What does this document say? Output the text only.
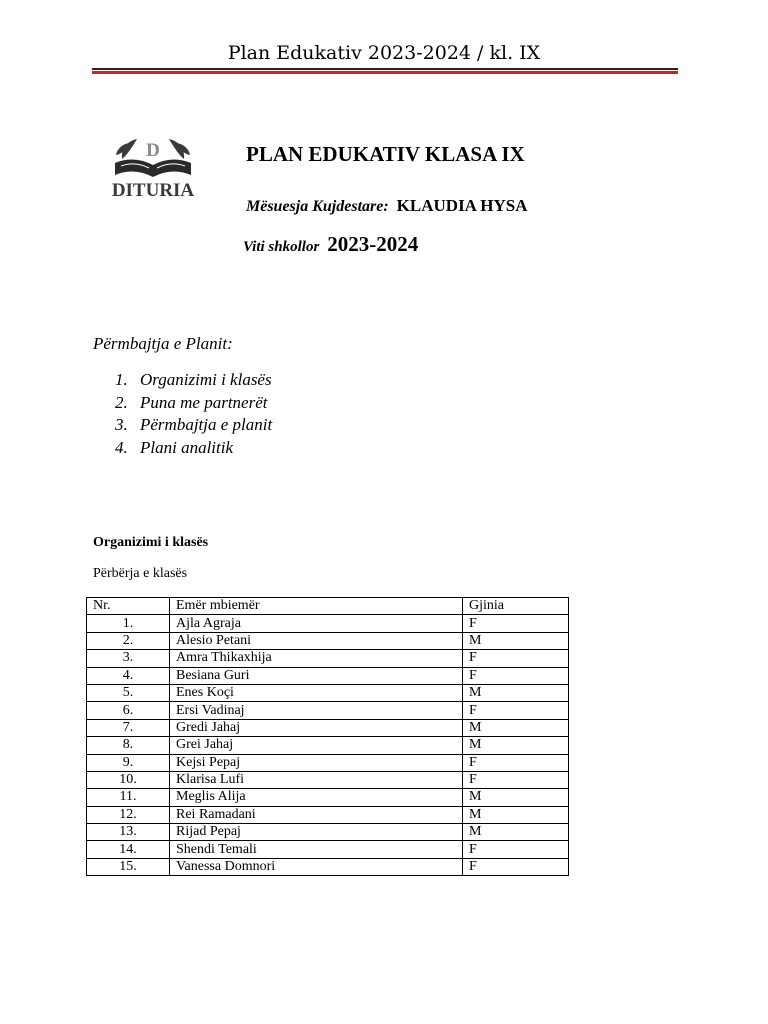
Plan Edukativ 2023-2024 / kl. IX
D
DITURIA
PLAN EDUKATIV KLASA IX
Mësuesja Kujdestare: KLAUDIA HYSA
Viti shkollor 2023-2024
Përmbajtja e Planit:
1. Organizimi i klasës
2. Puna me partnerët
3. Përmbajtja e planit
4. Plani analitik
Organizimi i klasës
Përbërja e klasës
Nr.	Emër mbiemër	Gjinia
1.	Ajla Agraja	F
2.	Alesio Petani	M
3.	Amra Thikaxhija	F
4.	Besiana Guri	F
5.	Enes Koçi	M
6.	Ersi Vadinaj	F
7.	Gredi Jahaj	M
8.	Grei Jahaj	M
9.	Kejsi Pepaj	F
10.	Klarisa Lufi	F
11.	Meglis Alija	M
12.	Rei Ramadani	M
13.	Rijad Pepaj	M
14.	Shendi Temali	F
15.	Vanessa Domnori	F
